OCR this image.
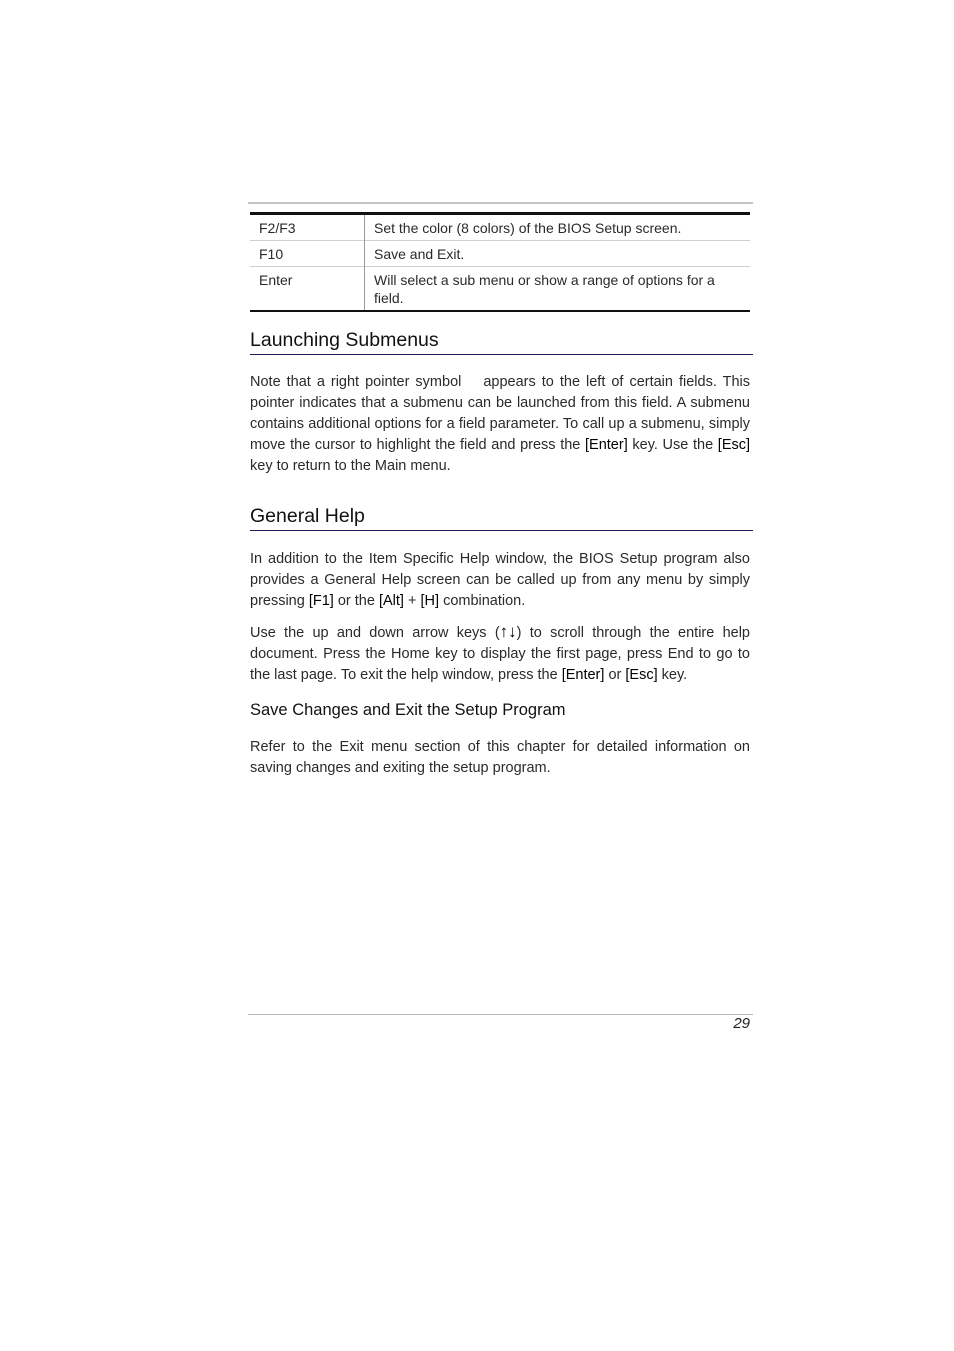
F2/F3	Set the color (8 colors) of the BIOS Setup screen.
F10	Save and Exit.
Enter	Will select a sub menu or show a range of options for a field.
Launching Submenus
Note that a right pointer symbol appears to the left of certain fields. This pointer indicates that a submenu can be launched from this field. A submenu contains additional options for a field parameter. To call up a submenu, simply move the cursor to highlight the field and press the [Enter] key. Use the [Esc] key to return to the Main menu.
General Help
In addition to the Item Specific Help window, the BIOS Setup program also provides a General Help screen can be called up from any menu by simply pressing [F1] or the [Alt] + [H] combination.
Use the up and down arrow keys (↑↓) to scroll through the entire help document. Press the Home key to display the first page, press End to go to the last page. To exit the help window, press the [Enter] or [Esc] key.
Save Changes and Exit the Setup Program
Refer to the Exit menu section of this chapter for detailed information on saving changes and exiting the setup program.
29
